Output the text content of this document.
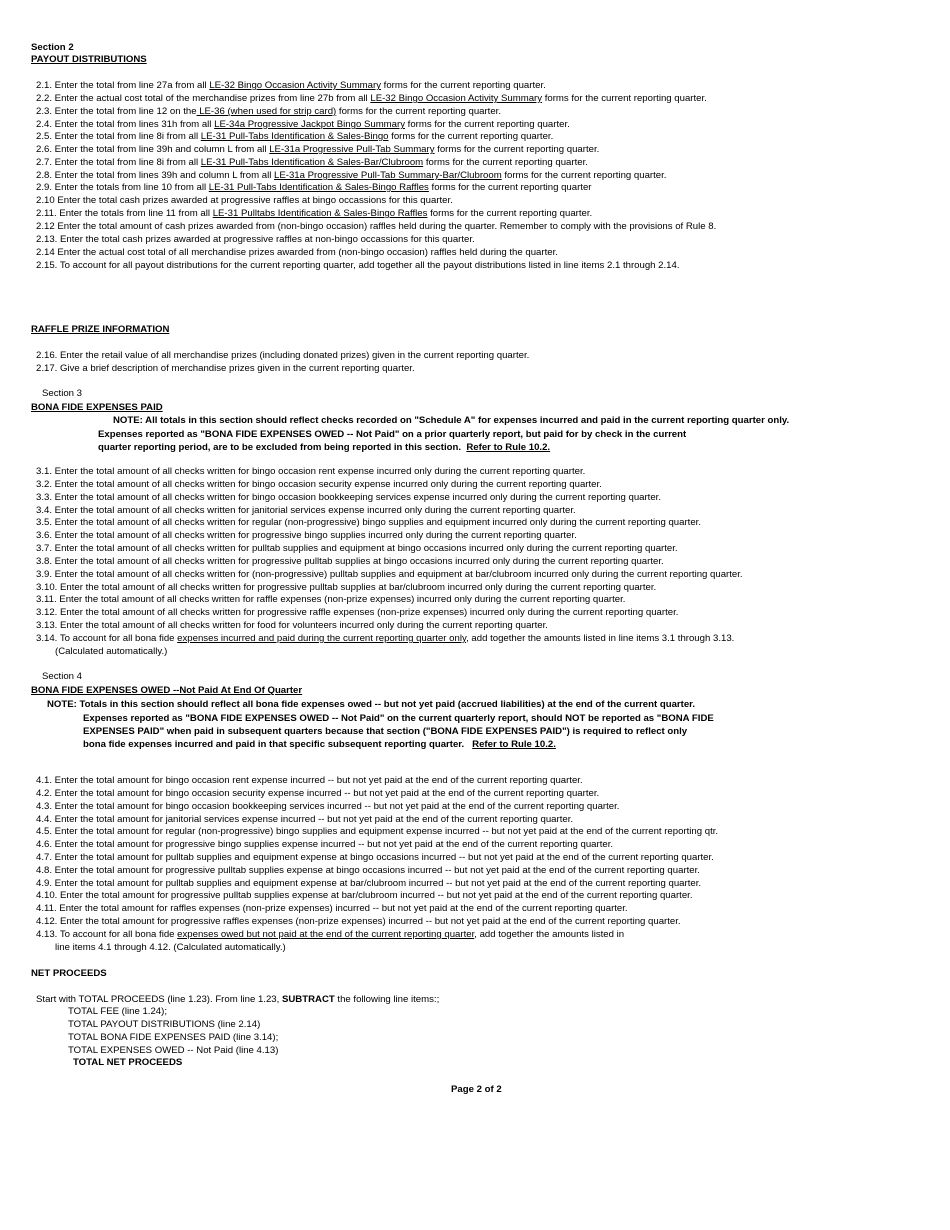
Section 2
PAYOUT DISTRIBUTIONS
2.1. Enter the total from line 27a from all LE-32 Bingo Occasion Activity Summary forms for the current reporting quarter.
2.2. Enter the actual cost total of the merchandise prizes from line 27b from all LE-32 Bingo Occasion Activity Summary forms for the current reporting quarter.
2.3. Enter the total from line 12 on the LE-36 (when used for strip card) forms for the current reporting quarter.
2.4. Enter the total from lines 31h from all LE-34a Progressive Jackpot Bingo Summary forms for the current reporting quarter.
2.5. Enter the total from line 8i from all LE-31 Pull-Tabs Identification & Sales-Bingo forms for the current reporting quarter.
2.6. Enter the total from line 39h and column L from all LE-31a Progressive Pull-Tab Summary forms for the current reporting quarter.
2.7. Enter the total from line 8i from all LE-31 Pull-Tabs Identification & Sales-Bar/Clubroom forms for the current reporting quarter.
2.8. Enter the total from lines 39h and column L from all LE-31a Progressive Pull-Tab Summary-Bar/Clubroom forms for the current reporting quarter.
2.9. Enter the totals from line 10 from all LE-31 Pull-Tabs Identification & Sales-Bingo Raffles forms for the current reporting quarter
2.10 Enter the total cash prizes awarded at progressive raffles at bingo occassions for this quarter.
2.11. Enter the totals from line 11 from all LE-31 Pulltabs Identification & Sales-Bingo Raffles forms for the current reporting quarter.
2.12 Enter the total amount of cash prizes awarded from (non-bingo occasion) raffles held during the quarter. Remember to comply with the provisions of Rule 8.
2.13. Enter the total cash prizes awarded at progressive raffles at non-bingo occassions for this quarter.
2.14 Enter the actual cost total of all merchandise prizes awarded from (non-bingo occasion) raffles held during the quarter.
2.15. To account for all payout distributions for the current reporting quarter, add together all the payout distributions listed in line items 2.1 through 2.14.
RAFFLE PRIZE INFORMATION
2.16. Enter the retail value of all merchandise prizes (including donated prizes) given in the current reporting quarter.
2.17. Give a brief description of merchandise prizes given in the current reporting quarter.
Section 3
BONA FIDE EXPENSES PAID
NOTE: All totals in this section should reflect checks recorded on "Schedule A" for expenses incurred and paid in the current reporting quarter only.
Expenses reported as "BONA FIDE EXPENSES OWED -- Not Paid" on a prior quarterly report, but paid for by check in the current
quarter reporting period, are to be excluded from being reported in this section. Refer to Rule 10.2.
3.1. Enter the total amount of all checks written for bingo occasion rent expense incurred only during the current reporting quarter.
3.2. Enter the total amount of all checks written for bingo occasion security expense incurred only during the current reporting quarter.
3.3. Enter the total amount of all checks written for bingo occasion bookkeeping services expense incurred only during the current reporting quarter.
3.4. Enter the total amount of all checks written for janitorial services expense incurred only during the current reporting quarter.
3.5. Enter the total amount of all checks written for regular (non-progressive) bingo supplies and equipment incurred only during the current reporting quarter.
3.6. Enter the total amount of all checks written for progressive bingo supplies incurred only during the current reporting quarter.
3.7. Enter the total amount of all checks written for pulltab supplies and equipment at bingo occasions incurred only during the current reporting quarter.
3.8. Enter the total amount of all checks written for progressive pulltab supplies at bingo occasions incurred only during the current reporting quarter.
3.9. Enter the total amount of all checks written for (non-progressive) pulltab supplies and equipment at bar/clubroom incurred only during the current reporting quarter.
3.10. Enter the total amount of all checks written for progressive pulltab supplies at bar/clubroom incurred only during the current reporting quarter.
3.11. Enter the total amount of all checks written for raffle expenses (non-prize expenses) incurred only during the current reporting quarter.
3.12. Enter the total amount of all checks written for progressive raffle expenses (non-prize expenses) incurred only during the current reporting quarter.
3.13. Enter the total amount of all checks written for food for volunteers incurred only during the current reporting quarter.
3.14. To account for all bona fide expenses incurred and paid during the current reporting quarter only, add together the amounts listed in line items 3.1 through 3.13.
(Calculated automatically.)
Section 4
BONA FIDE EXPENSES OWED --Not Paid At End Of Quarter
NOTE: Totals in this section should reflect all bona fide expenses owed -- but not yet paid (accrued liabilities) at the end of the current quarter.
Expenses reported as "BONA FIDE EXPENSES OWED -- Not Paid" on the current quarterly report, should NOT be reported as "BONA FIDE
EXPENSES PAID" when paid in subsequent quarters because that section ("BONA FIDE EXPENSES PAID") is required to reflect only
bona fide expenses incurred and paid in that specific subsequent reporting quarter. Refer to Rule 10.2.
4.1. Enter the total amount for bingo occasion rent expense incurred -- but not yet paid at the end of the current reporting quarter.
4.2. Enter the total amount for bingo occasion security expense incurred -- but not yet paid at the end of the current reporting quarter.
4.3. Enter the total amount for bingo occasion bookkeeping services incurred -- but not yet paid at the end of the current reporting quarter.
4.4. Enter the total amount for janitorial services expense incurred -- but not yet paid at the end of the current reporting quarter.
4.5. Enter the total amount for regular (non-progressive) bingo supplies and equipment expense incurred -- but not yet paid at the end of the current reporting qtr.
4.6. Enter the total amount for progressive bingo supplies expense incurred -- but not yet paid at the end of the current reporting quarter.
4.7. Enter the total amount for pulltab supplies and equipment expense at bingo occasions incurred -- but not yet paid at the end of the current reporting quarter.
4.8. Enter the total amount for progressive pulltab supplies expense at bingo occasions incurred -- but not yet paid at the end of the current reporting quarter.
4.9. Enter the total amount for pulltab supplies and equipment expense at bar/clubroom incurred -- but not yet paid at the end of the current reporting quarter.
4.10. Enter the total amount for progressive pulltab supplies expense at bar/clubroom incurred -- but not yet paid at the end of the current reporting quarter.
4.11. Enter the total amount for raffles expenses (non-prize expenses) incurred -- but not yet paid at the end of the current reporting quarter.
4.12. Enter the total amount for progressive raffles expenses (non-prize expenses) incurred -- but not yet paid at the end of the current reporting quarter.
4.13. To account for all bona fide expenses owed but not paid at the end of the current reporting quarter, add together the amounts listed in
line items 4.1 through 4.12. (Calculated automatically.)
NET PROCEEDS
Start with TOTAL PROCEEDS (line 1.23). From line 1.23, SUBTRACT the following line items:;
TOTAL FEE (line 1.24);
TOTAL PAYOUT DISTRIBUTIONS (line 2.14)
TOTAL BONA FIDE EXPENSES PAID (line 3.14);
TOTAL EXPENSES OWED -- Not Paid (line 4.13)
TOTAL NET PROCEEDS
Page 2 of 2
